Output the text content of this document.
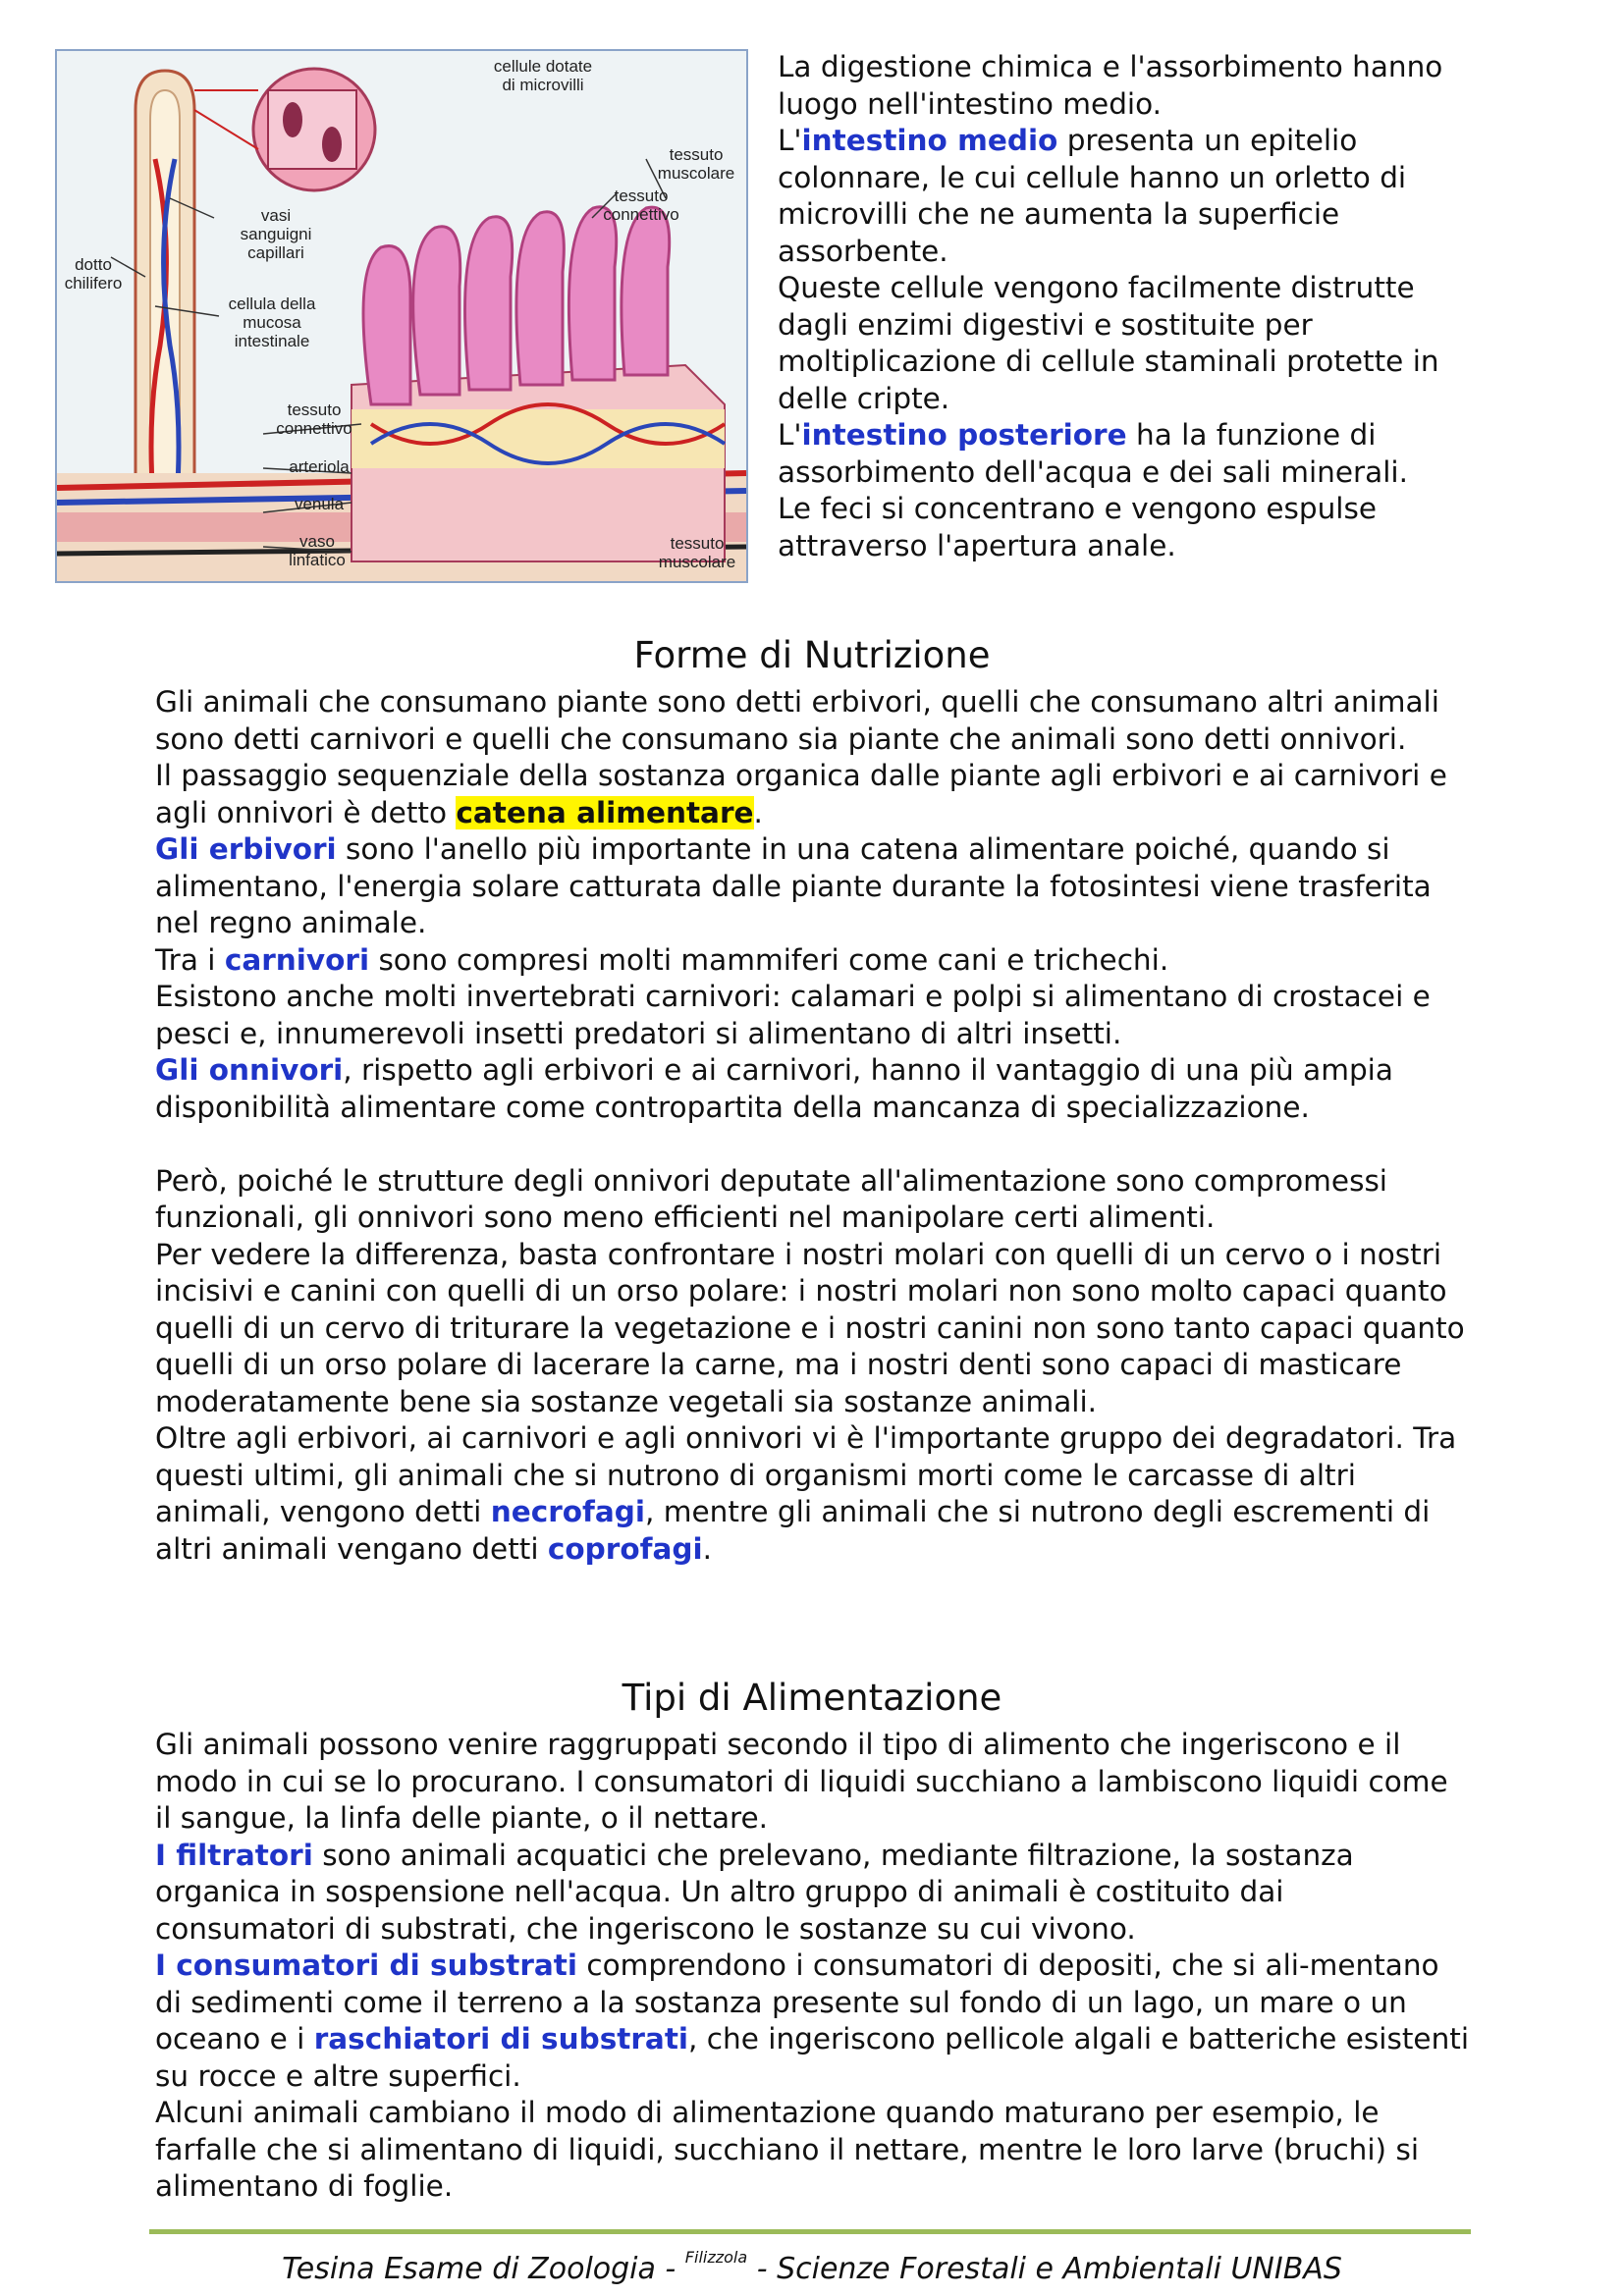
cellule dotate
di microvilli
tessuto
muscolare
tessuto
connettivo
vasi
sanguigni
capillari
dotto
chilifero
cellula della
mucosa
intestinale
tessuto
connettivo
arteriola
venula
vaso
linfatico
tessuto
muscolare

La digestione chimica e l'assorbimento hanno luogo nell'intestino medio.

L'intestino medio presenta un epitelio colonnare, le cui cellule hanno un orletto di microvilli che ne aumenta la superficie assorbente.

Queste cellule vengono facilmente distrutte dagli enzimi digestivi e sostituite per moltiplicazione di cellule staminali protette in delle cripte.

L'intestino posteriore ha la funzione di assorbimento dell'acqua e dei sali minerali.

Le feci si concentrano e vengono espulse attraverso l'apertura anale.

Forme di Nutrizione

Gli animali che consumano piante sono detti erbivori, quelli che consumano altri animali sono detti carnivori e quelli che consumano sia piante che animali sono detti onnivori.

Il passaggio sequenziale della sostanza organica dalle piante agli erbivori e ai carnivori e agli onnivori è detto catena alimentare.

Gli erbivori sono l'anello più importante in una catena alimentare poiché, quando si alimentano, l'energia solare catturata dalle piante durante la fotosintesi viene trasferita nel regno animale.

Tra i carnivori sono compresi molti mammiferi come cani e trichechi.

Esistono anche molti invertebrati carnivori: calamari e polpi si alimentano di crostacei e pesci e, innumerevoli insetti predatori si alimentano di altri insetti.

Gli onnivori, rispetto agli erbivori e ai carnivori, hanno il vantaggio di una più ampia disponibilità alimentare come contropartita della mancanza di specializzazione.

Però, poiché le strutture degli onnivori deputate all'alimentazione sono compromessi funzionali, gli onnivori sono meno efficienti nel manipolare certi alimenti.

Per vedere la differenza, basta confrontare i nostri molari con quelli di un cervo o i nostri incisivi e canini con quelli di un orso polare: i nostri molari non sono molto capaci quanto quelli di un cervo di triturare la vegetazione e i nostri canini non sono tanto capaci quanto quelli di un orso polare di lacerare la carne, ma i nostri denti sono capaci di masticare moderatamente bene sia sostanze vegetali sia sostanze animali.

Oltre agli erbivori, ai carnivori e agli onnivori vi è l'importante gruppo dei degradatori. Tra questi ultimi, gli animali che si nutrono di organismi morti come le carcasse di altri animali, vengono detti necrofagi, mentre gli animali che si nutrono degli escrementi di altri animali vengano detti coprofagi.

Tipi di Alimentazione

Gli animali possono venire raggruppati secondo il tipo di alimento che ingeriscono e il modo in cui se lo procurano. I consumatori di liquidi succhiano a lambiscono liquidi come il sangue, la linfa delle piante, o il nettare.

I filtratori sono animali acquatici che prelevano, mediante filtrazione, la sostanza organica in sospensione nell'acqua. Un altro gruppo di animali è costituito dai consumatori di substrati, che ingeriscono le sostanze su cui vivono.

I consumatori di substrati comprendono i consumatori di depositi, che si ali-mentano di sedimenti come il terreno a la sostanza presente sul fondo di un lago, un mare o un oceano e i raschiatori di substrati, che ingeriscono pellicole algali e batteriche esistenti su rocce e altre superfici.

Alcuni animali cambiano il modo di alimentazione quando maturano per esempio, le farfalle che si alimentano di liquidi, succhiano il nettare, mentre le loro larve (bruchi) si alimentano di foglie.

Tesina Esame di Zoologia - $^{Filizzola}$ - Scienze Forestali e Ambientali UNIBAS
